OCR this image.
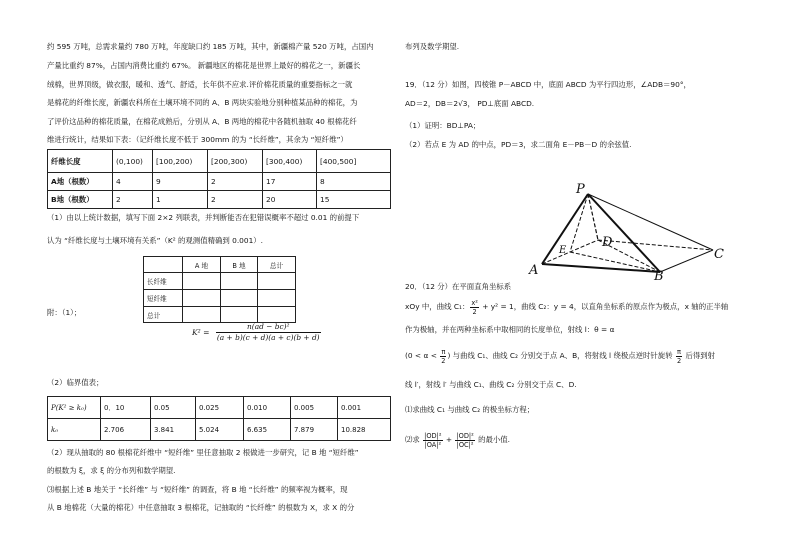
约 595 万吨，总需求量约 780 万吨，年度缺口约 185 万吨，其中，新疆棉产量 520 万吨，占国内
产量比重约 87%，占国内消费比重约 67%。 新疆地区的棉花是世界上最好的棉花之一，新疆长
绒棉，世界顶级，做衣服，暖和、透气、舒适，长年供不应求.评价棉花质量的重要指标之一就
是棉花的纤维长度，新疆农科所在土壤环境不同的 A、B 两块实验地分别种植某品种的棉花，为
了评价这品种的棉花质量，在棉花成熟后，分别从 A、B 两地的棉花中各随机抽取 40 根棉花纤
维进行统计，结果如下表：（记纤维长度不低于 300mm 的为 “长纤维”，其余为 “短纤维”）
纤维长度	(0,100)	[100,200)	[200,300)	[300,400)	[400,500]
A地（根数）	4	9	2	17	8
B地（根数）	2	1	2	20	15
（1）由以上统计数据，填写下面 2×2 列联表，并判断能否在犯错误概率不超过 0.01 的前提下
认为 “纤维长度与土壤环境有关系”（K² 的观测值精确到 0.001）.
	A 地	B 地	总计
长纤维			
短纤维			
总计			
附：（1）；
$K^2 = \frac{\text{n(ad − bc)²}}{(a + b)(c + d)(a + c)(b + d)}$
（2）临界值表；
P(K² ≥ k₀)	0．10	0.05	0.025	0.010	0.005	0.001
k₀	2.706	3.841	5.024	6.635	7.879	10.828
（2）现从抽取的 80 根棉花纤维中 “短纤维” 里任意抽取 2 根做进一步研究，记 B 地 “短纤维”
的根数为 ξ，求 ξ 的分布列和数学期望.
⑶根据上述 B 地关于 “长纤维” 与 “短纤维” 的调查，将 B 地 “长纤维” 的频率视为概率，现
从 B 地棉花（大量的棉花）中任意抽取 3 根棉花，记抽取的 “长纤维” 的根数为 X，求 X 的分
布列及数学期望.
19．（12 分）如图，四棱锥 P－ABCD 中，底面 ABCD 为平行四边形，∠ADB＝90°，
AD＝2，DB＝2√3， PD⊥底面 ABCD.
（1）证明：BD⊥PA；
（2）若点 E 为 AD 的中点，PD＝3，求二面角 E－PB－D 的余弦值.
P
A	B
C
D
E
20．（12 分）在平面直角坐标系
xOy 中，曲线 C₁： $\frac{\text{x²}}{2} + y^2 = 1$，曲线 C₂：y = 4，以直角坐标系的原点作为极点，x 轴的正半轴
作为极轴，并在两种坐标系中取相同的长度单位，射线 l：θ = α
($0 < \alpha < \frac{\pi}{2}$ ) 与曲线 C₁、曲线 C₂ 分别交于点 A、B，将射线 l 绕极点逆时针旋转 $\frac{\pi}{2}$ 后得到射
线 l′，射线 l′ 与曲线 C₁、曲线 C₂ 分别交于点 C、D.
⑴求曲线 C₁ 与曲线 C₂ 的极坐标方程；
⑵求 $\frac{\text{|OD|²}}{\text{|OA|²}} + \frac{\text{|OD|²}}{\text{|OC|²}}$ 的最小值.
